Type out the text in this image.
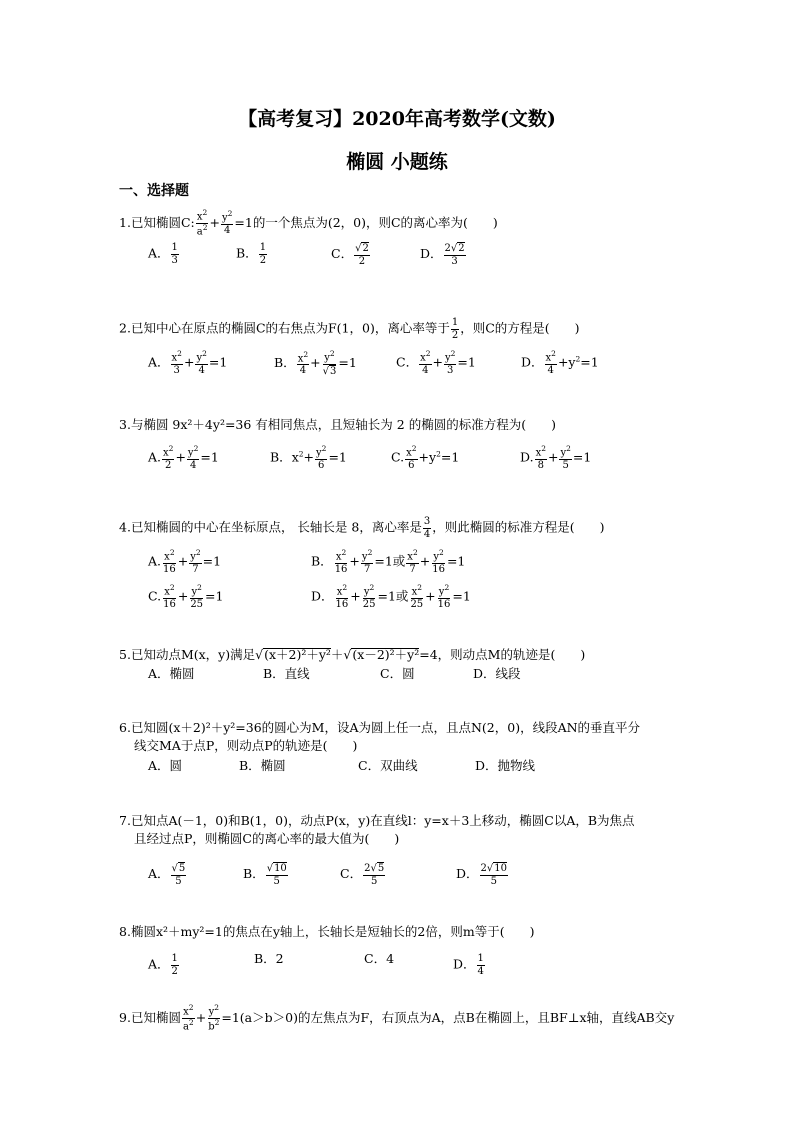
【高考复习】2020年高考数学(文数)
椭圆 小题练
一、选择题
1.已知椭圆C: $\frac{x^2}{a^2} + \frac{y^2}{4} =1$的一个焦点为(2，0)，则C的离心率为(　　)
A． $\frac{1}{3}$	B． $\frac{1}{2}$	C． $\frac{√2}{2}$	D． $\frac{2√2}{3}$
2.已知中心在原点的椭圆C的右焦点为F(1，0)，离心率等于 $\frac{1}{2}$ ，则C的方程是(　　)
A． $\frac{x^2}{3} + \frac{y^2}{4} =1$	B． $\frac{x^2}{4} + \frac{y^2}{√3} =1$	C． $\frac{x^2}{4} + \frac{y^2}{3} =1$	D． $\frac{x^2}{4} +y^2=1$
3.与椭圆 9x²＋4y²=36 有相同焦点，且短轴长为 2 的椭圆的标准方程为(　　)
A. $\frac{x^2}{2} + \frac{y^2}{4} =1$	B．$x^2+ \frac{y^2}{6} =1$	C. $\frac{x^2}{6} +y^2=1$	D. $\frac{x^2}{8} + \frac{y^2}{5} =1$
4.已知椭圆的中心在坐标原点， 长轴长是 8，离心率是 $\frac{3}{4}$ ，则此椭圆的标准方程是(　　)
A. $\frac{x^2}{16} + \frac{y^2}{7} =1$	B． $\frac{x^2}{16} + \frac{y^2}{7} =1$或 $\frac{x^2}{7} + \frac{y^2}{16} =1$
C. $\frac{x^2}{16} + \frac{y^2}{25} =1$	D． $\frac{x^2}{16} + \frac{y^2}{25} =1$或 $\frac{x^2}{25} + \frac{y^2}{16} =1$
5.已知动点M(x，y)满足√(x＋2)²＋y²＋√(x－2)²＋y²=4，则动点M的轨迹是(　　)
A．椭圆	B．直线	C．圆	D．线段
6.已知圆(x＋2)²＋y²=36的圆心为M，设A为圆上任一点，且点N(2，0)，线段AN的垂直平分
线交MA于点P，则动点P的轨迹是(　　)
A．圆	B．椭圆	C．双曲线	D．抛物线
7.已知点A(－1，0)和B(1，0)，动点P(x，y)在直线l：y=x＋3上移动，椭圆C以A，B为焦点
且经过点P，则椭圆C的离心率的最大值为(　　)
A． $\frac{√5}{5}$	B． $\frac{√10}{5}$	C． $\frac{2√5}{5}$	D． $\frac{2√10}{5}$
8.椭圆x²＋my²=1的焦点在y轴上，长轴长是短轴长的2倍，则m等于(　　)
A． $\frac{1}{2}$	B．2	C．4	D． $\frac{1}{4}$
9.已知椭圆 $\frac{x^2}{a^2} + \frac{y^2}{b^2} =1(a>b>0)$的左焦点为F，右顶点为A，点B在椭圆上，且BF⊥x轴，直线AB交y
